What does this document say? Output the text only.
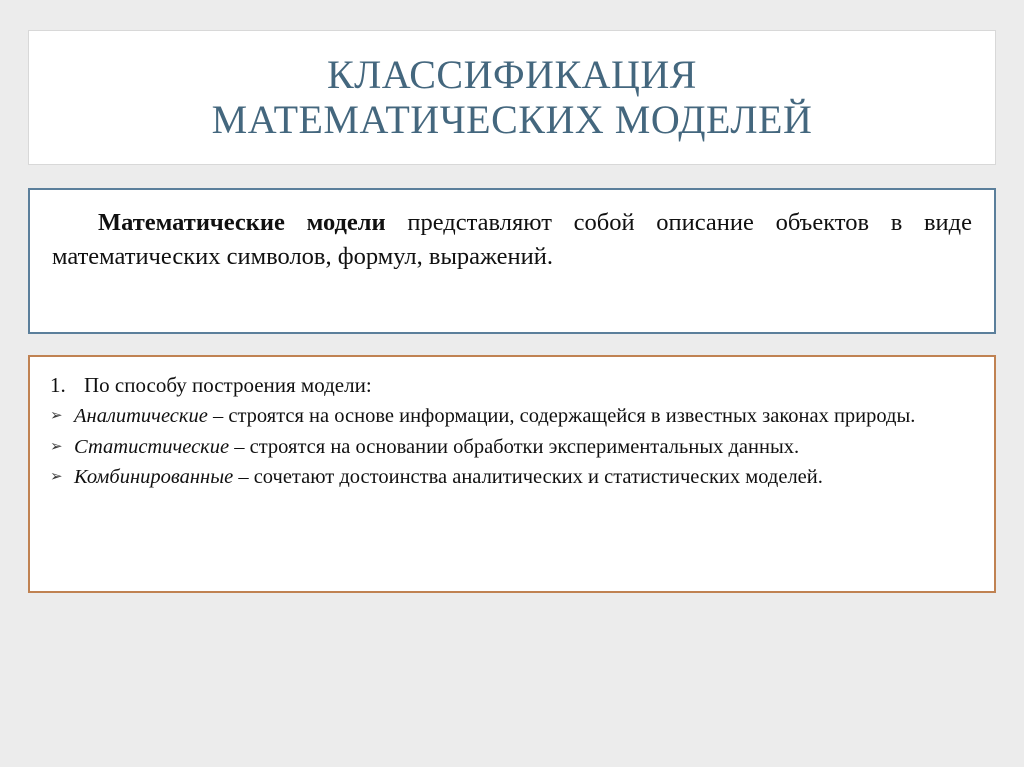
КЛАССИФИКАЦИЯ
МАТЕМАТИЧЕСКИХ МОДЕЛЕЙ
Математические модели представляют собой описание объектов в виде математических символов, формул, выражений.
1. По способу построения модели:
➢ Аналитические – строятся на основе информации, содержащейся в известных законах природы.
➢ Статистические – строятся на основании обработки экспериментальных данных.
➢ Комбинированные – сочетают достоинства аналитических и статистических моделей.
